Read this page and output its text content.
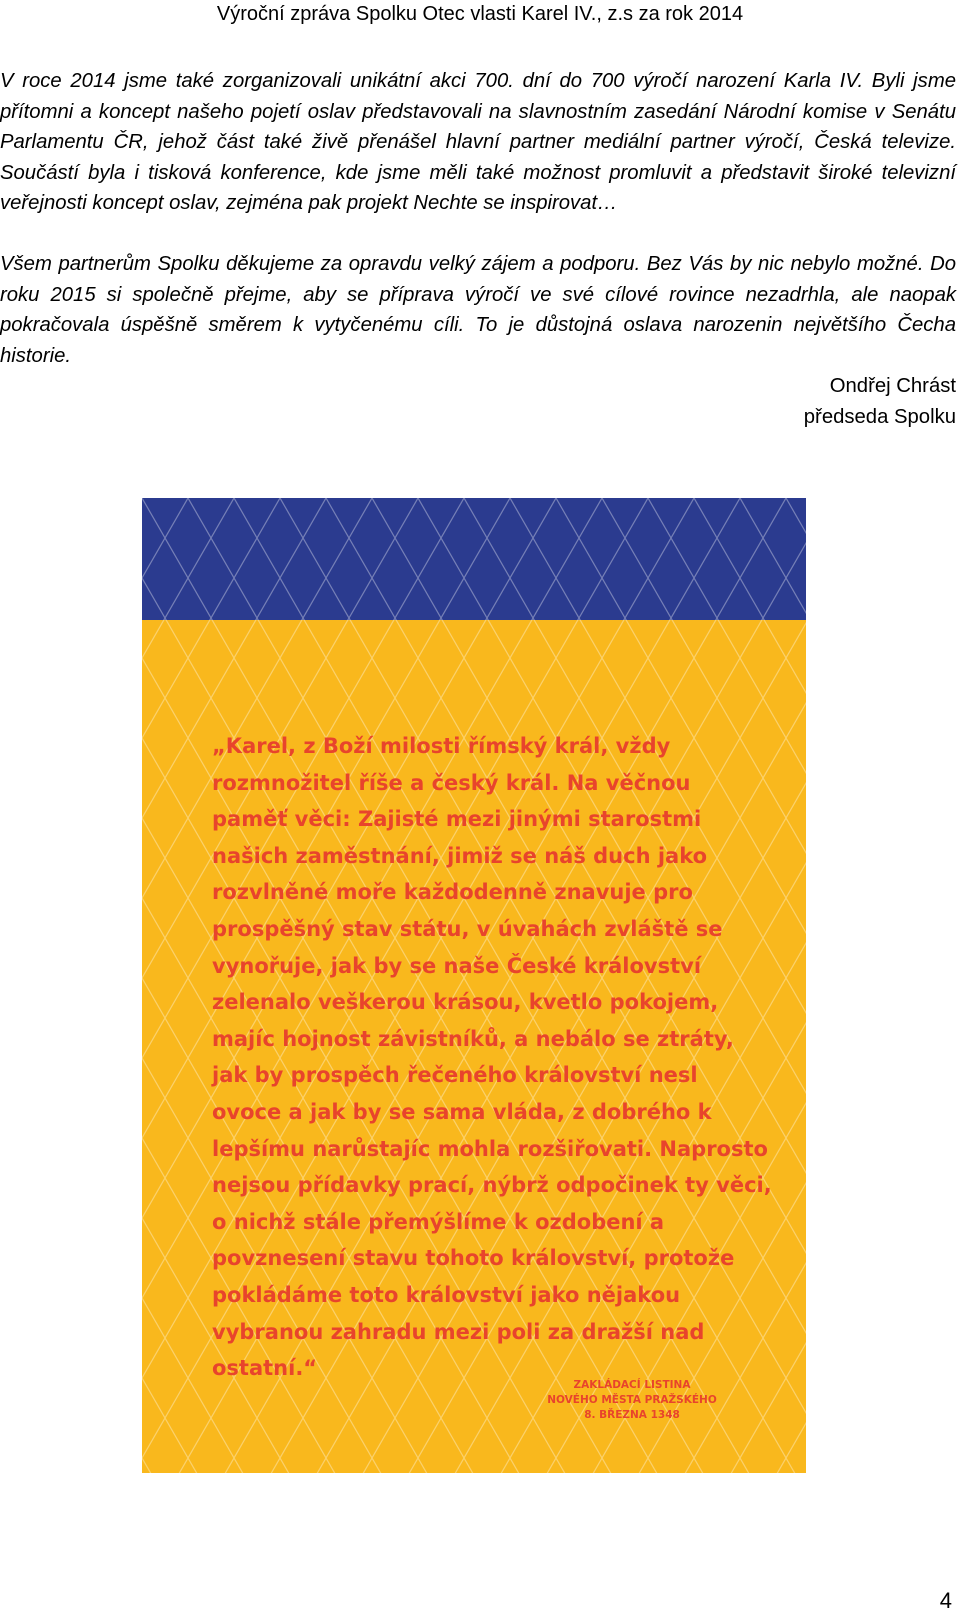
Výroční zpráva Spolku Otec vlasti Karel IV., z.s za rok 2014

V roce 2014 jsme také zorganizovali unikátní akci 700. dní do 700 výročí narození Karla IV. Byli jsme přítomni a koncept našeho pojetí oslav představovali na slavnostním zasedání Národní komise v Senátu Parlamentu ČR, jehož část také živě přenášel hlavní partner mediální partner výročí, Česká televize. Součástí byla i tisková konference, kde jsme měli také možnost promluvit a představit široké televizní veřejnosti koncept oslav, zejména pak projekt Nechte se inspirovat…

Všem partnerům Spolku děkujeme za opravdu velký zájem a podporu. Bez Vás by nic nebylo možné. Do roku 2015 si společně přejme, aby se příprava výročí ve své cílové rovince nezadrhla, ale naopak pokračovala úspěšně směrem k vytyčenému cíli. To je důstojná oslava narozenin největšího Čecha historie.

Ondřej Chrást

předseda Spolku

„Karel, z Boží milosti římský král, vždy rozmnožitel říše a český král. Na věčnou paměť věci: Zajisté mezi jinými starostmi našich zaměstnání, jimiž se náš duch jako rozvlněné moře každodenně znavuje pro prospěšný stav státu, v úvahách zvláště se vynořuje, jak by se naše České království zelenalo veškerou krásou, kvetlo pokojem, majíc hojnost závistníků, a nebálo se ztráty, jak by prospěch řečeného království nesl ovoce a jak by se sama vláda, z dobrého k lepšímu narůstajíc mohla rozšiřovati. Naprosto nejsou přídavky prací, nýbrž odpočinek ty věci, o nichž stále přemýšlíme k ozdobení a povznesení stavu tohoto království, protože pokládáme toto království jako nějakou vybranou zahradu mezi poli za dražší nad ostatní.“

ZAKLÁDACÍ LISTINA
NOVÉHO MĚSTA PRAŽSKÉHO
8. BŘEZNA 1348
4
